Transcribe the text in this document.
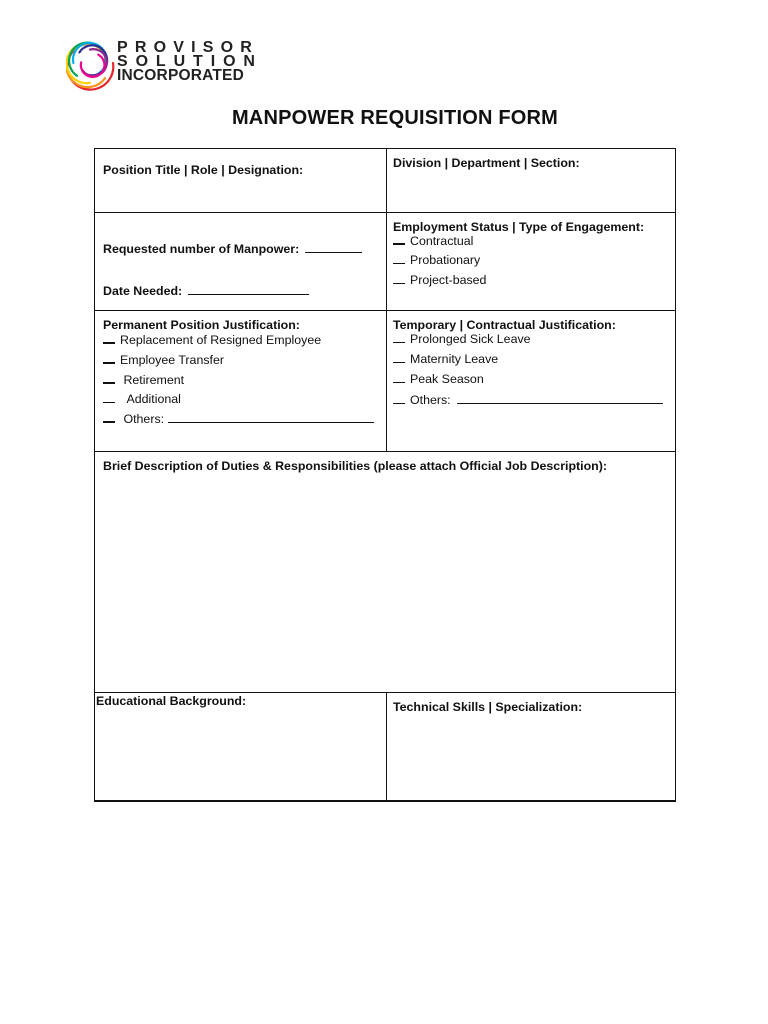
PROVISOR
SOLUTION
INCORPORATED
MANPOWER REQUISITION FORM
Position Title | Role | Designation:	Division | Department | Section:
Requested number of Manpower:
Date Needed:
Employment Status | Type of Engagement:
Contractual
Probationary
Project-based
Permanent Position Justification:
Replacement of Resigned Employee
Employee Transfer
Retirement
Additional
Others:
Temporary | Contractual Justification:
Prolonged Sick Leave
Maternity Leave
Peak Season
Others:
Brief Description of Duties & Responsibilities (please attach Official Job Description):
Educational Background:	Technical Skills | Specialization:
